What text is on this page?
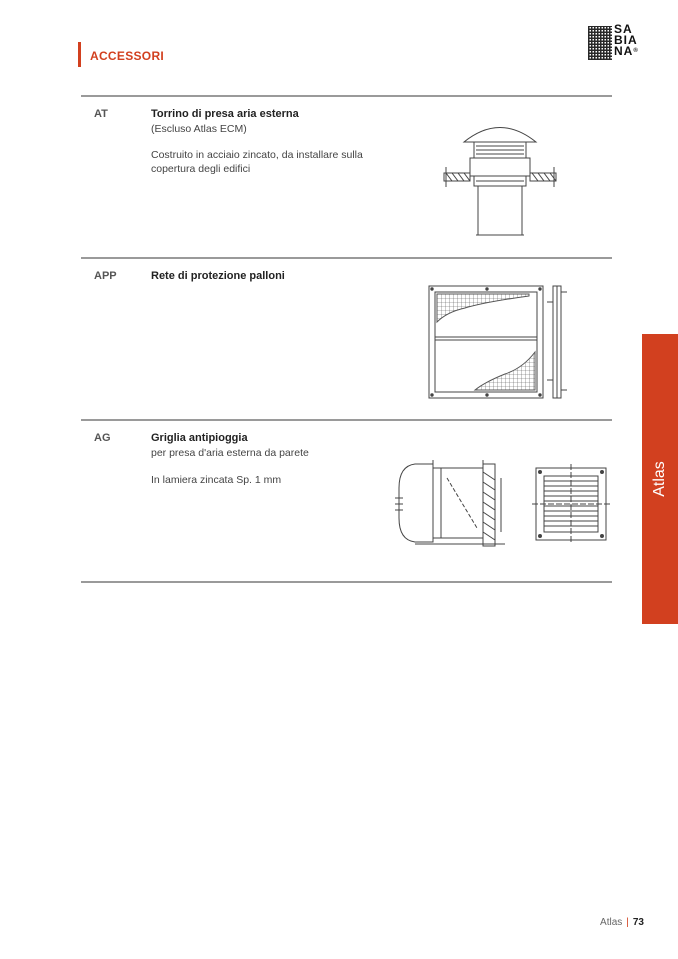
ACCESSORI
SA
BIA
NA®
AT	Torrino di presa aria esterna
(Escluso Atlas ECM)
Costruito in acciaio zincato, da installare sulla
copertura degli edifici
APP	Rete di protezione palloni
AG	Griglia antipioggia
per presa d'aria esterna da parete
In lamiera zincata Sp. 1 mm	Atlas
Atlas | 73
